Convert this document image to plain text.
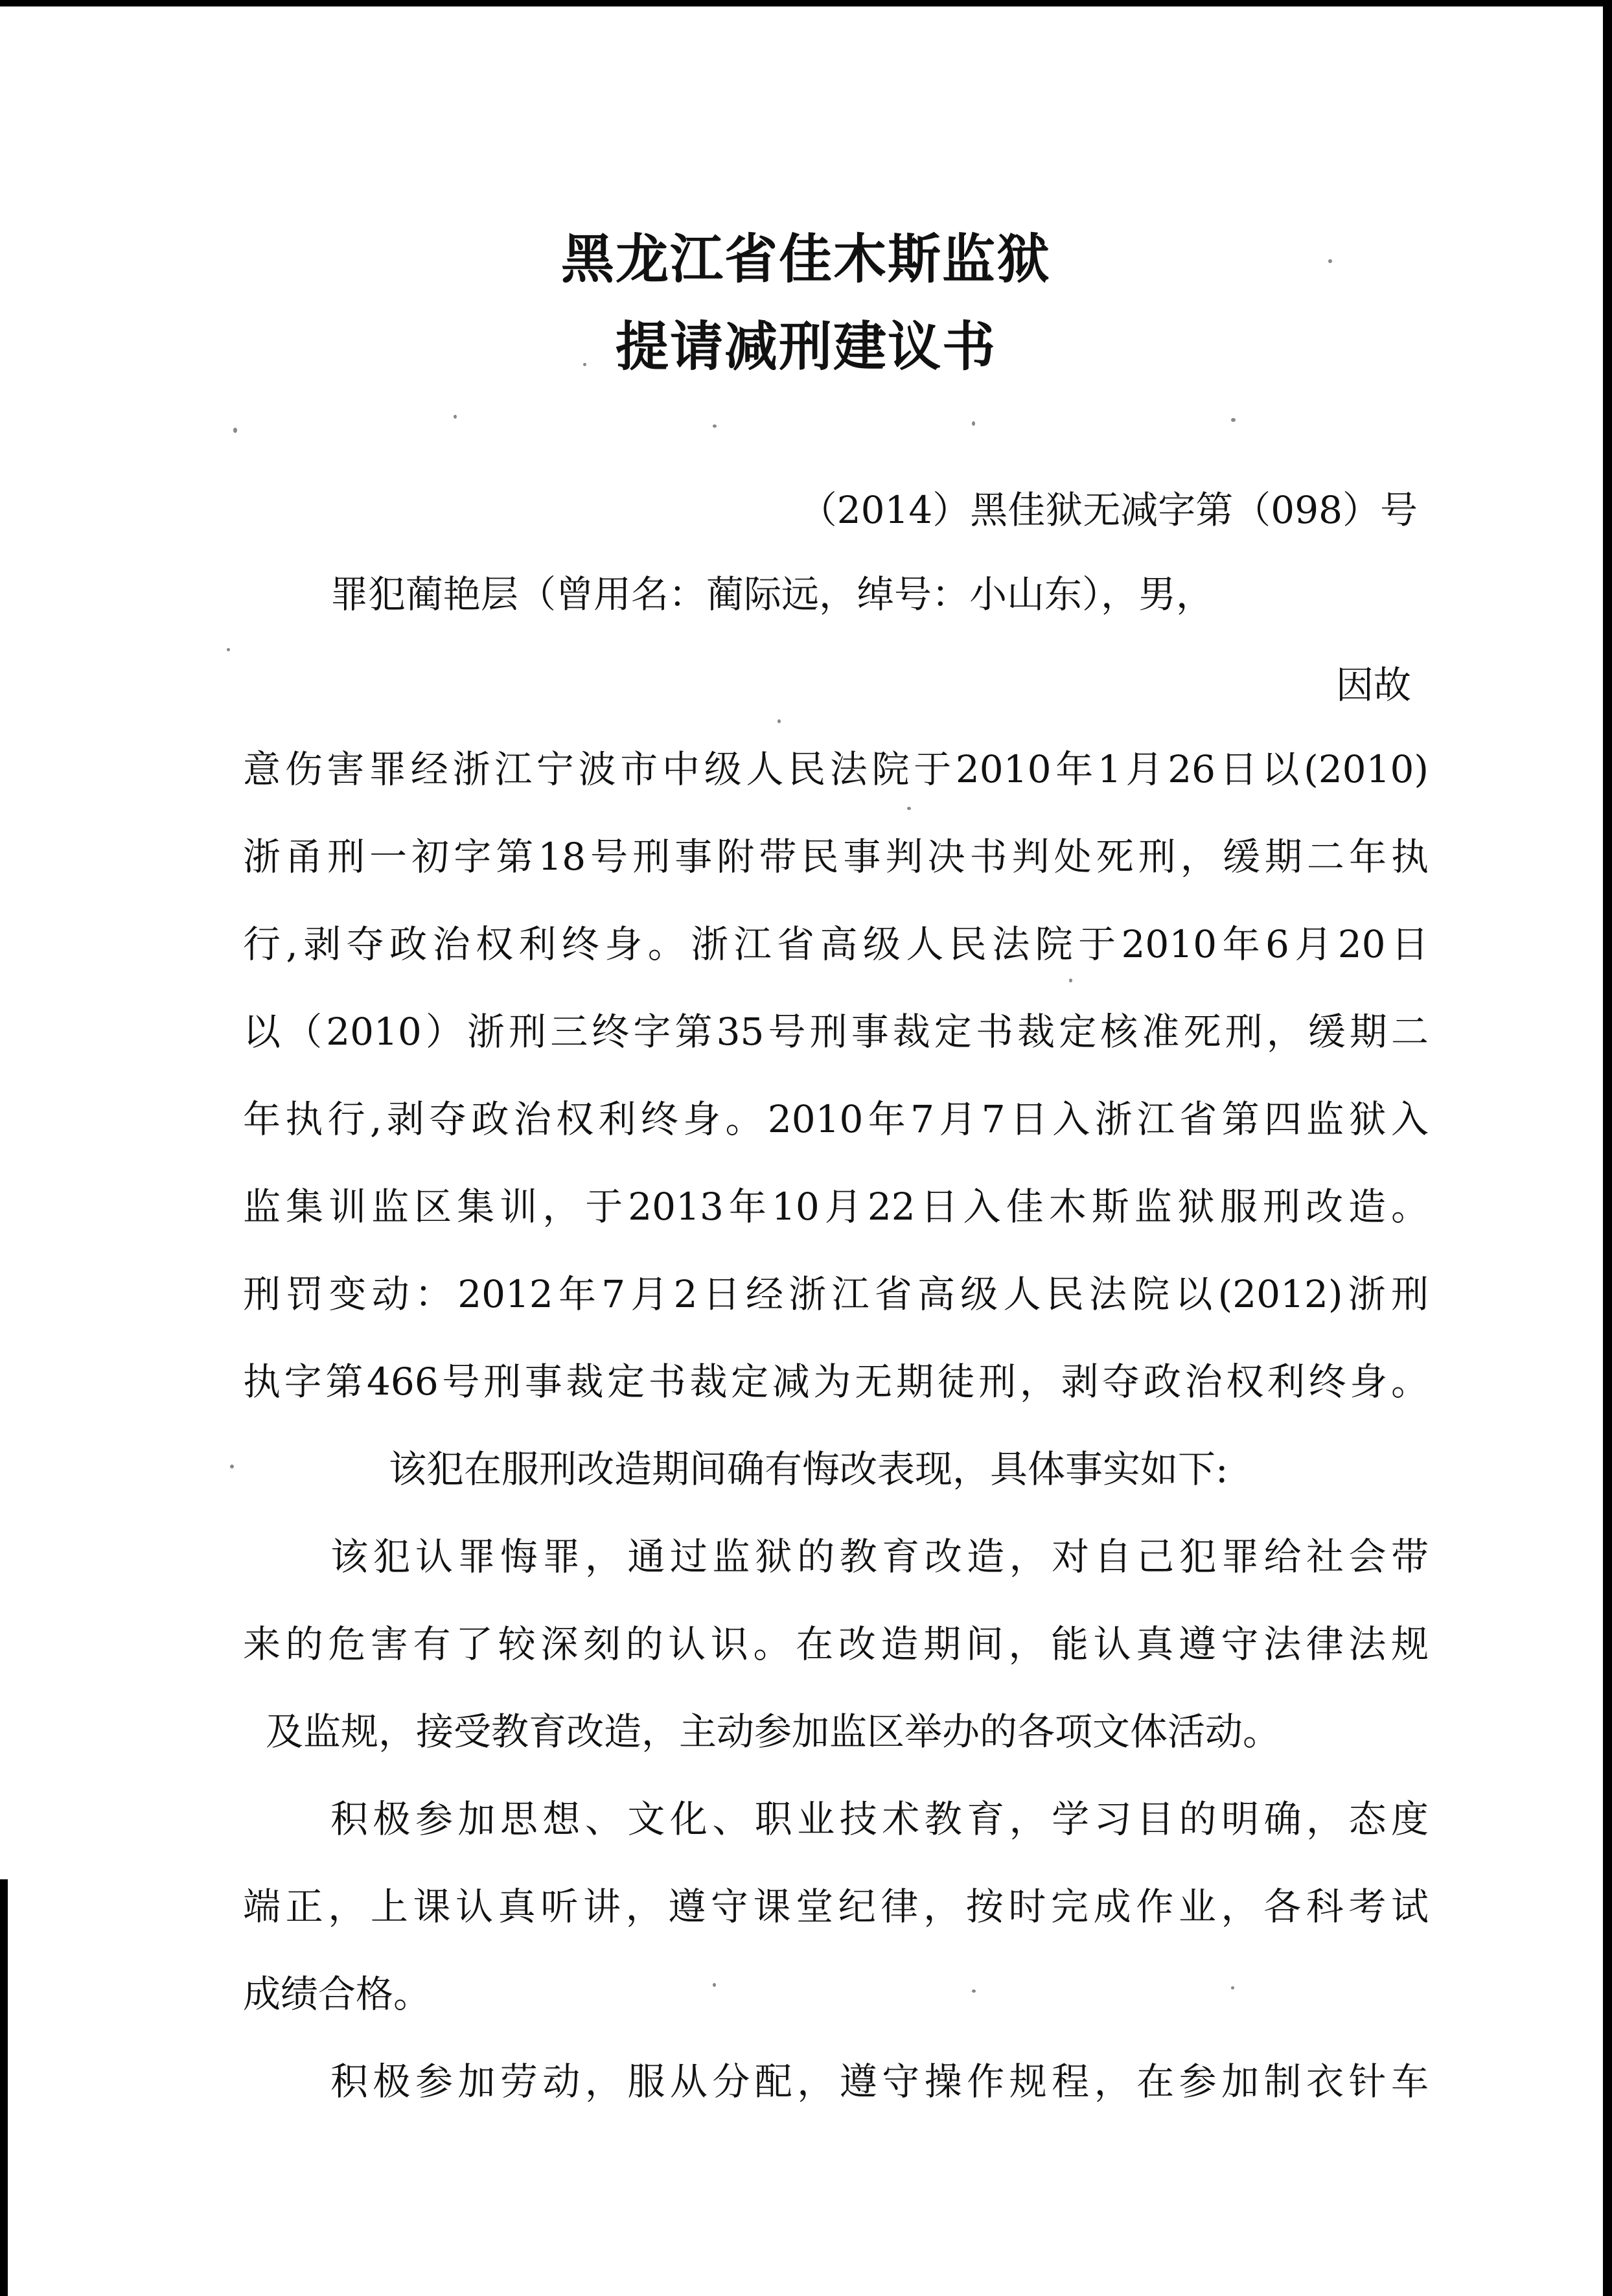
黑龙江省佳木斯监狱
提请减刑建议书
（2014）黑佳狱无减字第（098）号
罪犯蔺艳层（曾用名：蔺际远，绰号：小山东），男，
因故
意伤害罪经浙江宁波市中级人民法院于2010年1月26日以(2010)
浙甬刑一初字第18号刑事附带民事判决书判处死刑，缓期二年执
行,剥夺政治权利终身。浙江省高级人民法院于2010年6月20日
以（2010）浙刑三终字第35号刑事裁定书裁定核准死刑，缓期二
年执行,剥夺政治权利终身。2010年7月7日入浙江省第四监狱入
监集训监区集训，于2013年10月22日入佳木斯监狱服刑改造。
刑罚变动：2012年7月2日经浙江省高级人民法院以(2012)浙刑
执字第466号刑事裁定书裁定减为无期徒刑，剥夺政治权利终身。
该犯在服刑改造期间确有悔改表现，具体事实如下:
该犯认罪悔罪，通过监狱的教育改造，对自己犯罪给社会带
来的危害有了较深刻的认识。在改造期间，能认真遵守法律法规
及监规，接受教育改造，主动参加监区举办的各项文体活动。
积极参加思想、文化、职业技术教育，学习目的明确，态度
端正，上课认真听讲，遵守课堂纪律，按时完成作业，各科考试
成绩合格。
积极参加劳动，服从分配，遵守操作规程，在参加制衣针车
